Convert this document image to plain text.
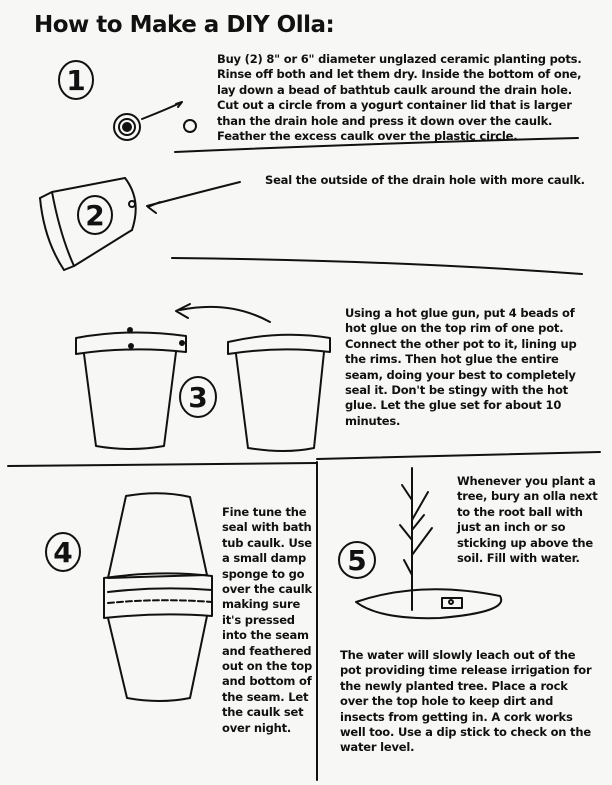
How to Make a DIY Olla:
1
2
3
4	5
Buy (2) 8" or 6" diameter unglazed ceramic planting pots. Rinse off both and let them dry. Inside the bottom of one, lay down a bead of bathtub caulk around the drain hole. Cut out a circle from a yogurt container lid that is larger than the drain hole and press it down over the caulk. Feather the excess caulk over the plastic circle.
Seal the outside of the drain hole with more caulk.
Using a hot glue gun, put 4 beads of hot glue on the top rim of one pot. Connect the other pot to it, lining up the rims. Then hot glue the entire seam, doing your best to completely seal it. Don't be stingy with the hot glue. Let the glue set for about 10 minutes.
Fine tune the seal with bath tub caulk. Use a small damp sponge to go over the caulk making sure it's pressed into the seam and feathered out on the top and bottom of the seam. Let the caulk set over night.
Whenever you plant a tree, bury an olla next to the root ball with just an inch or so sticking up above the soil. Fill with water.
The water will slowly leach out of the pot providing time release irrigation for the newly planted tree. Place a rock over the top hole to keep dirt and insects from getting in. A cork works well too. Use a dip stick to check on the water level.
